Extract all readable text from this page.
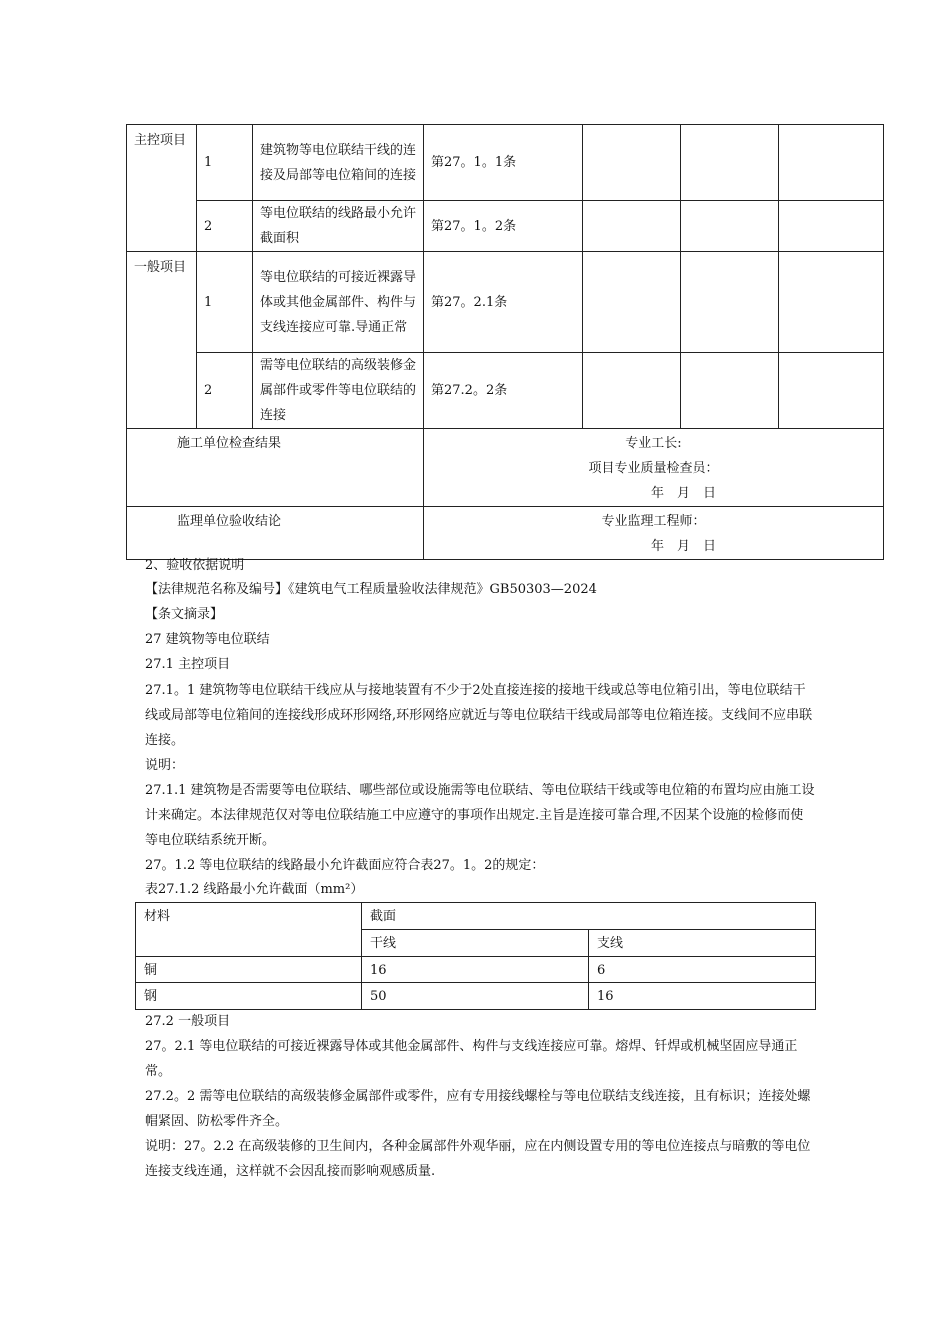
主控项目	1	建筑物等电位联结干线的连接及局部等电位箱间的连接	第27。1。1条			
	2	等电位联结的线路最小允许截面积	第27。1。2条			
一般项目	1	等电位联结的可接近裸露导体或其他金属部件、构件与支线连接应可靠.导通正常	第27。2.1条			
	2	需等电位联结的高级装修金属部件或零件等电位联结的连接	第27.2。2条			
施工单位检查结果			专业工长:
项目专业质量检查员：
年　月　日			

监理单位验收结论			专业监理工程师：
年　月　日			
2、验收依据说明
【法律规范名称及编号】《建筑电气工程质量验收法律规范》GB50303—2024
【条文摘录】
27 建筑物等电位联结
27.1 主控项目

27.1。1 建筑物等电位联结干线应从与接地装置有不少于2处直接连接的接地干线或总等电位箱引出，等电位联结干线或局部等电位箱间的连接线形成环形网络,环形网络应就近与等电位联结干线或局部等电位箱连接。支线间不应串联连接。

说明：

27.1.1 建筑物是否需要等电位联结、哪些部位或设施需等电位联结、等电位联结干线或等电位箱的布置均应由施工设计来确定。本法律规范仅对等电位联结施工中应遵守的事项作出规定.主旨是连接可靠合理,不因某个设施的检修而使等电位联结系统开断。

27。1.2 等电位联结的线路最小允许截面应符合表27。1。2的规定：
表27.1.2 线路最小允许截面（mm²）
材料	截面	
	干线	支线
铜	16	6
钢	50	16
27.2 一般项目

27。2.1 等电位联结的可接近裸露导体或其他金属部件、构件与支线连接应可靠。熔焊、钎焊或机械坚固应导通正常。

27.2。2 需等电位联结的高级装修金属部件或零件，应有专用接线螺栓与等电位联结支线连接，且有标识；连接处螺帽紧固、防松零件齐全。

说明：27。2.2 在高级装修的卫生间内，各种金属部件外观华丽，应在内侧设置专用的等电位连接点与暗敷的等电位连接支线连通，这样就不会因乱接而影响观感质量.
